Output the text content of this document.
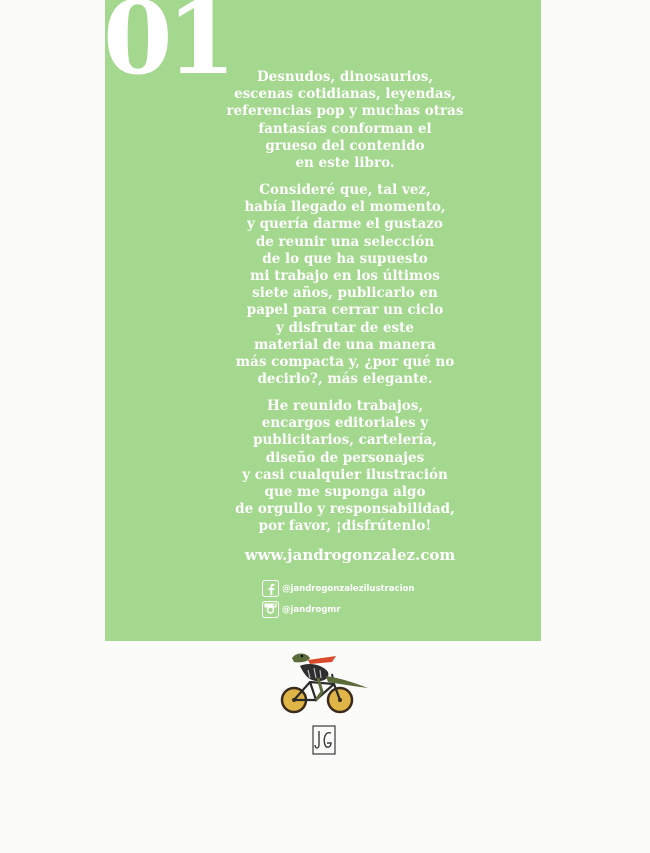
01	Desnudos, dinosaurios,
escenas cotidianas, leyendas,
referencias pop y muchas otras
fantasías conforman el
grueso del contenido
en este libro.
Consideré que, tal vez,
había llegado el momento,
y quería darme el gustazo
de reunir una selección
de lo que ha supuesto
mi trabajo en los últimos
siete años, publicarlo en
papel para cerrar un ciclo
y disfrutar de este
material de una manera
más compacta y, ¿por qué no
decirlo?, más elegante.
He reunido trabajos,
encargos editoriales y
publicitarios, cartelería,
diseño de personajes
y casi cualquier ilustración
que me suponga algo
de orgullo y responsabilidad,
por favor, ¡disfrútenlo!
www.jandrogonzalez.com
@jandrogonzalezilustracion
@jandrogmr
